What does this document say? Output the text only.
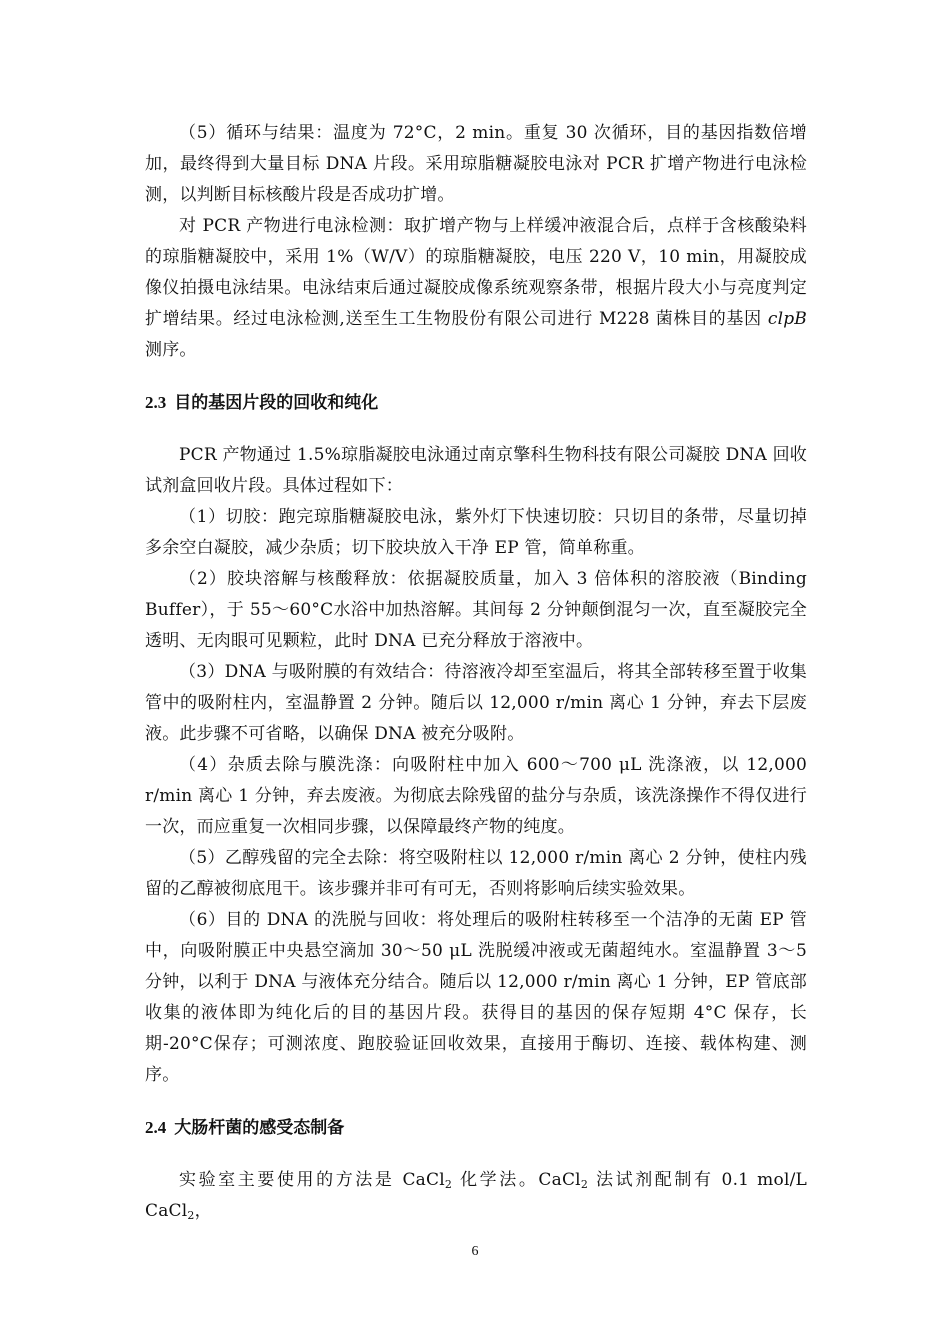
（5）循环与结果：温度为 72°C，2 min。重复 30 次循环，目的基因指数倍增加，最终得到大量目标 DNA 片段。采用琼脂糖凝胶电泳对 PCR 扩增产物进行电泳检测，以判断目标核酸片段是否成功扩增。

对 PCR 产物进行电泳检测：取扩增产物与上样缓冲液混合后，点样于含核酸染料的琼脂糖凝胶中，采用 1%（W/V）的琼脂糖凝胶，电压 220 V，10 min，用凝胶成像仪拍摄电泳结果。电泳结束后通过凝胶成像系统观察条带，根据片段大小与亮度判定扩增结果。经过电泳检测,送至生工生物股份有限公司进行 M228 菌株目的基因 clpB 测序。

2.3 目的基因片段的回收和纯化

PCR 产物通过 1.5%琼脂凝胶电泳通过南京擎科生物科技有限公司凝胶 DNA 回收试剂盒回收片段。具体过程如下：

（1）切胶：跑完琼脂糖凝胶电泳，紫外灯下快速切胶：只切目的条带，尽量切掉多余空白凝胶，减少杂质；切下胶块放入干净 EP 管，简单称重。

（2）胶块溶解与核酸释放：依据凝胶质量，加入 3 倍体积的溶胶液（Binding Buffer），于 55～60°C水浴中加热溶解。其间每 2 分钟颠倒混匀一次，直至凝胶完全透明、无肉眼可见颗粒，此时 DNA 已充分释放于溶液中。

（3）DNA 与吸附膜的有效结合：待溶液冷却至室温后，将其全部转移至置于收集管中的吸附柱内，室温静置 2 分钟。随后以 12,000 r/min 离心 1 分钟，弃去下层废液。此步骤不可省略，以确保 DNA 被充分吸附。

（4）杂质去除与膜洗涤：向吸附柱中加入 600～700 μL 洗涤液，以 12,000 r/min 离心 1 分钟，弃去废液。为彻底去除残留的盐分与杂质，该洗涤操作不得仅进行一次，而应重复一次相同步骤，以保障最终产物的纯度。

（5）乙醇残留的完全去除：将空吸附柱以 12,000 r/min 离心 2 分钟，使柱内残留的乙醇被彻底甩干。该步骤并非可有可无，否则将影响后续实验效果。

（6）目的 DNA 的洗脱与回收：将处理后的吸附柱转移至一个洁净的无菌 EP 管中，向吸附膜正中央悬空滴加 30～50 μL 洗脱缓冲液或无菌超纯水。室温静置 3～5 分钟，以利于 DNA 与液体充分结合。随后以 12,000 r/min 离心 1 分钟，EP 管底部收集的液体即为纯化后的目的基因片段。获得目的基因的保存短期 4°C 保存，长期-20°C保存；可测浓度、跑胶验证回收效果，直接用于酶切、连接、载体构建、测序。

2.4 大肠杆菌的感受态制备

实验室主要使用的方法是 CaCl$_2$ 化学法。CaCl$_2$ 法试剂配制有 0.1 mol/L CaCl$_2$，

6
